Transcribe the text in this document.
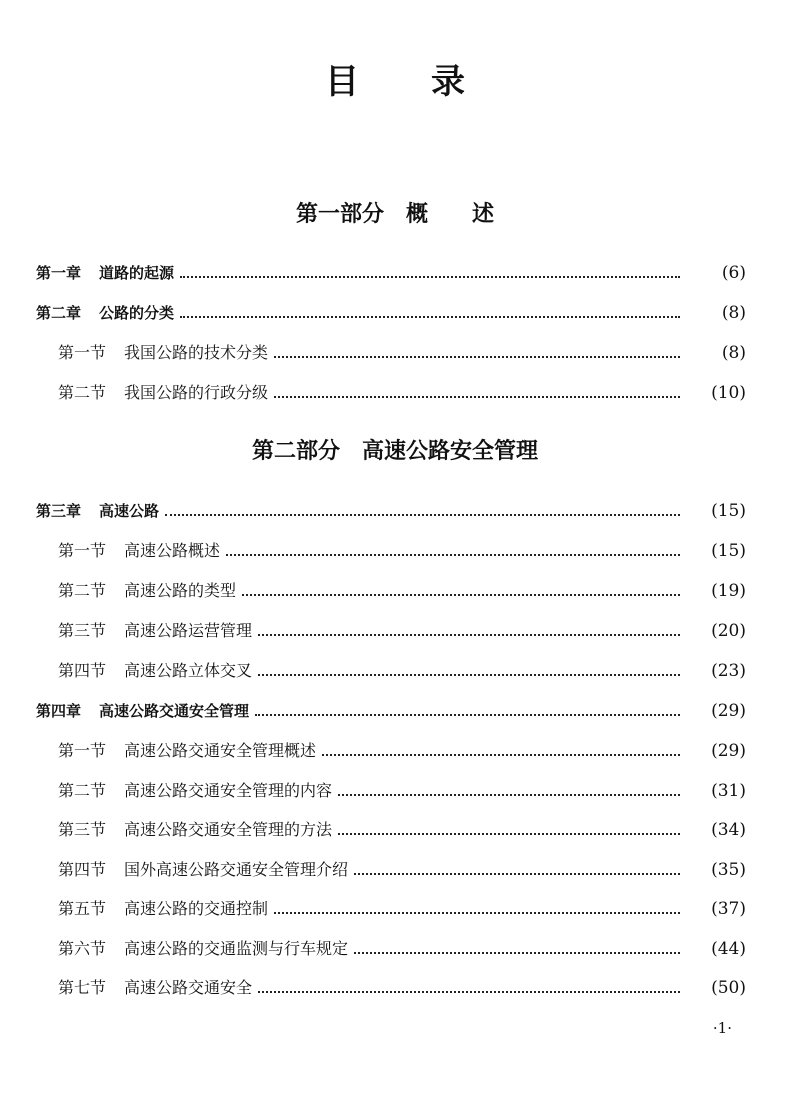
目录
第一部分　概　　述
第一章 道路的起源	(6)
第二章 公路的分类	(8)
第一节 我国公路的技术分类	(8)
第二节 我国公路的行政分级	(10)
第二部分　高速公路安全管理
第三章 高速公路	(15)
第一节 高速公路概述	(15)
第二节 高速公路的类型	(19)
第三节 高速公路运营管理	(20)
第四节 高速公路立体交叉	(23)
第四章 高速公路交通安全管理	(29)
第一节 高速公路交通安全管理概述	(29)
第二节 高速公路交通安全管理的内容	(31)
第三节 高速公路交通安全管理的方法	(34)
第四节 国外高速公路交通安全管理介绍	(35)
第五节 高速公路的交通控制	(37)
第六节 高速公路的交通监测与行车规定	(44)
第七节 高速公路交通安全	(50)
·1·
